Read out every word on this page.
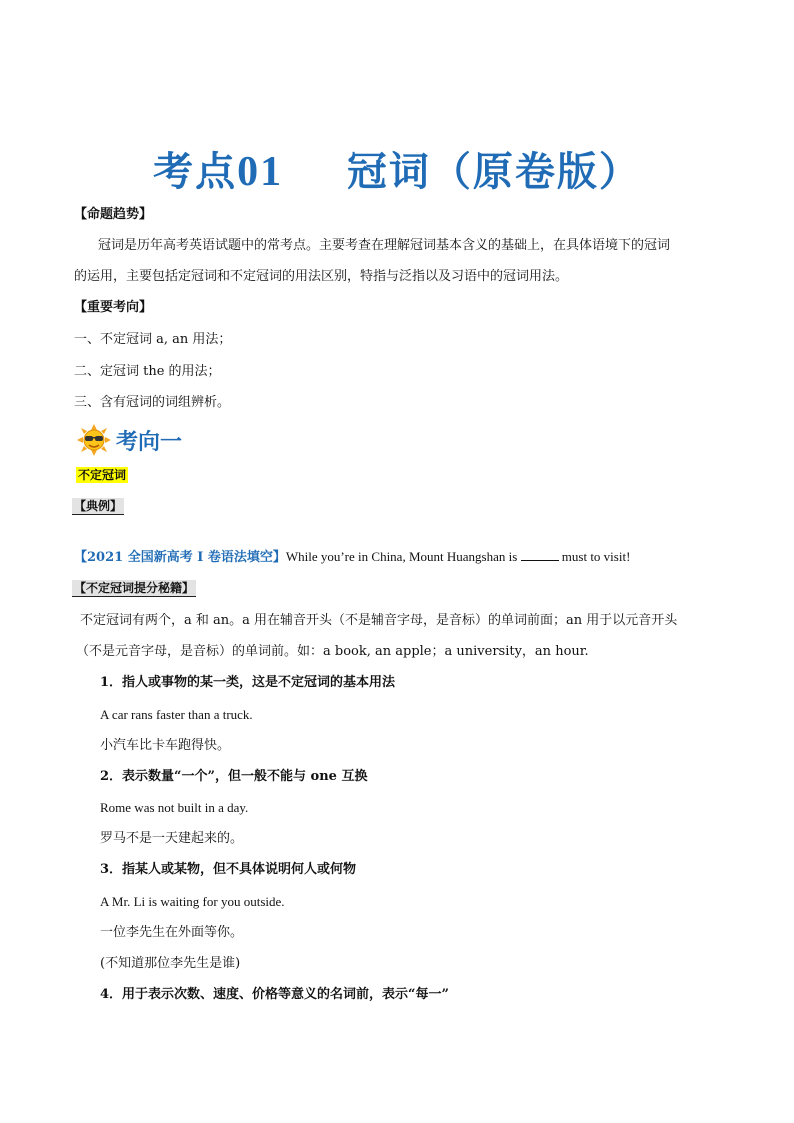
考点01 冠词（原卷版）
【命题趋势】
冠词是历年高考英语试题中的常考点。主要考查在理解冠词基本含义的基础上，在具体语境下的冠词
的运用，主要包括定冠词和不定冠词的用法区别，特指与泛指以及习语中的冠词用法。
【重要考向】
一、不定冠词 a, an 用法；
二、定冠词 the 的用法；
三、含有冠词的词组辨析。
考向一
不定冠词
【典例】
【2021 全国新高考 I 卷语法填空】While you’re in China, Mount Huangshan is	must to visit!
【不定冠词提分秘籍】
不定冠词有两个，a 和 an。a 用在辅音开头（不是辅音字母，是音标）的单词前面；an 用于以元音开头
（不是元音字母，是音标）的单词前。如：a book, an apple；a university，an hour.
1．指人或事物的某一类，这是不定冠词的基本用法
A car rans faster than a truck.
小汽车比卡车跑得快。
2．表示数量“一个”，但一般不能与 one 互换
Rome was not built in a day.
罗马不是一天建起来的。
3．指某人或某物，但不具体说明何人或何物
A Mr. Li is waiting for you outside.
一位李先生在外面等你。
(不知道那位李先生是谁)
4．用于表示次数、速度、价格等意义的名词前，表示“每一”
